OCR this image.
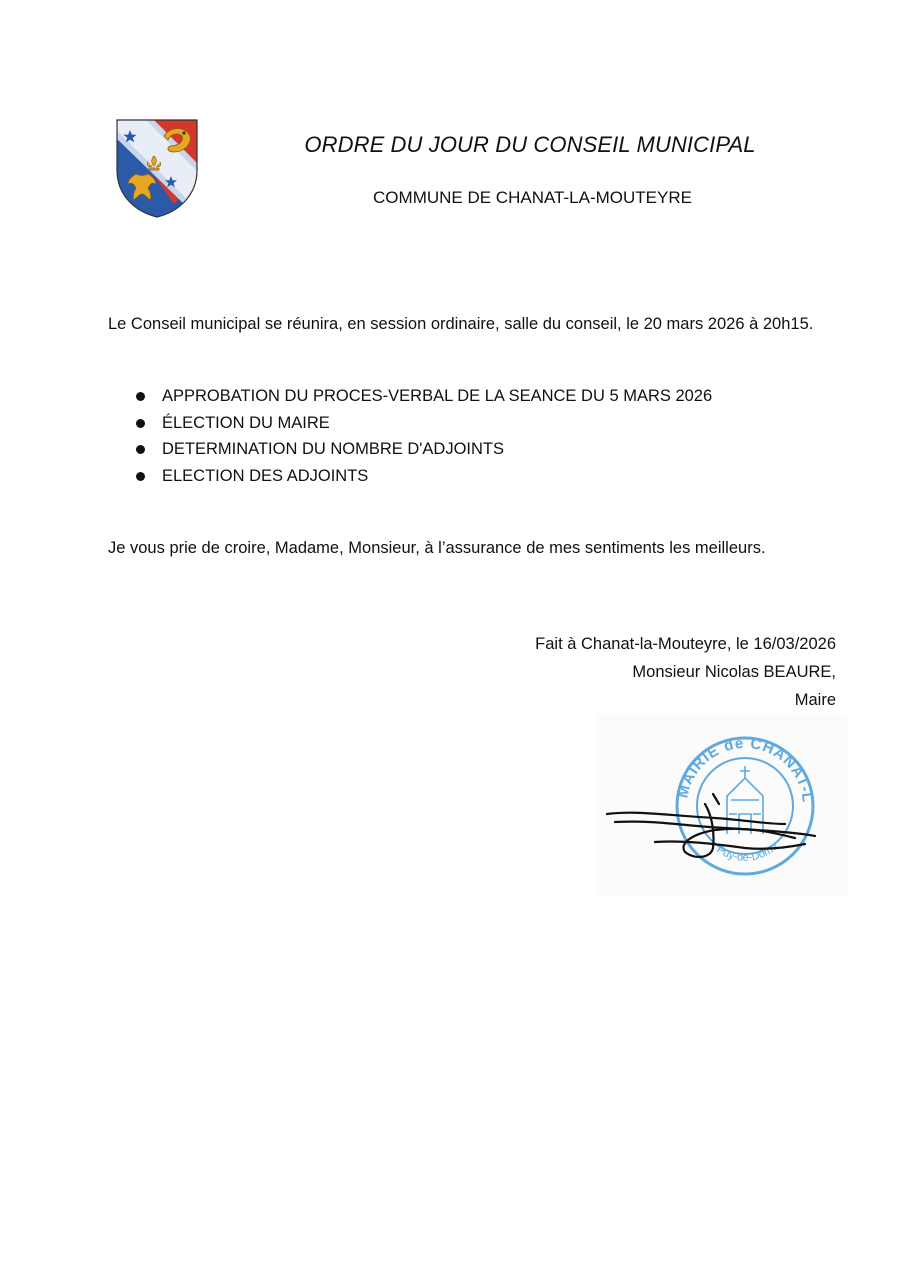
ORDRE DU JOUR DU CONSEIL MUNICIPAL

COMMUNE DE CHANAT-LA-MOUTEYRE

Le Conseil municipal se réunira, en session ordinaire, salle du conseil, le 20 mars 2026 à 20h15.

APPROBATION DU PROCES-VERBAL DE LA SEANCE DU 5 MARS 2026
ÉLECTION DU MAIRE
DETERMINATION DU NOMBRE D'ADJOINTS
ELECTION DES ADJOINTS

Je vous prie de croire, Madame, Monsieur, à l’assurance de mes sentiments les meilleurs.

Fait à Chanat-la-Mouteyre, le 16/03/2026
Monsieur Nicolas BEAURE,
Maire
MAIRIE de CHANAT-L
Puy-de-Dôme
